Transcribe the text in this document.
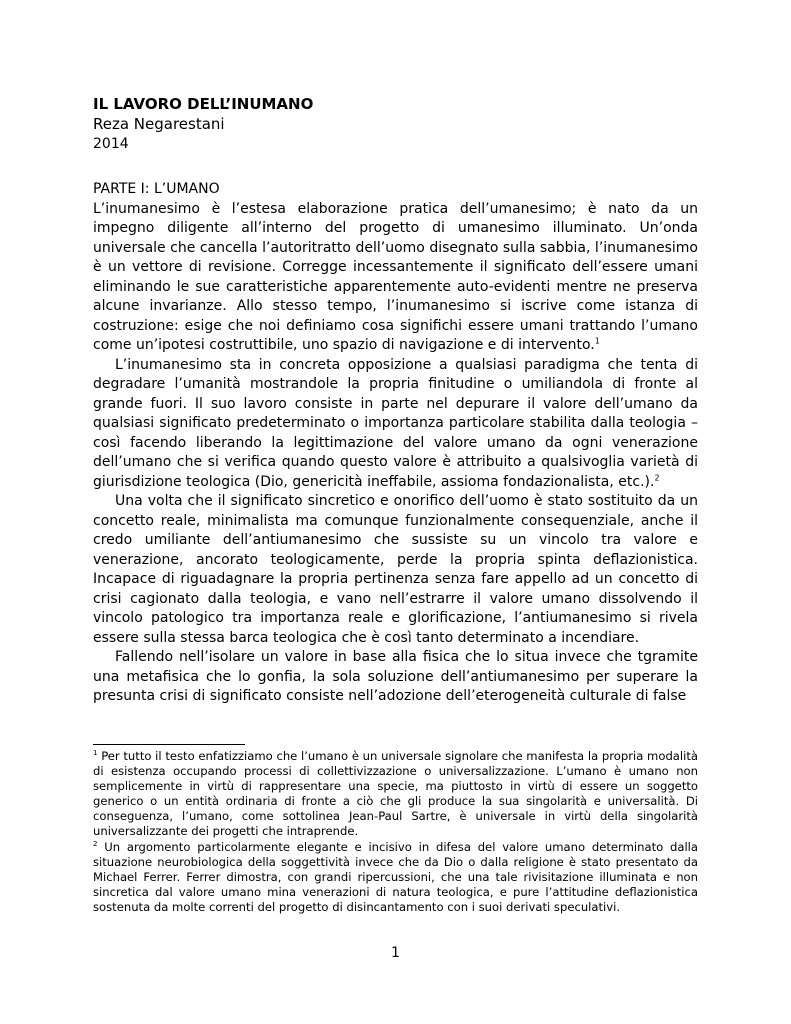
IL LAVORO DELL’INUMANO

Reza Negarestani

2014

PARTE I: L’UMANO

L’inumanesimo è l’estesa elaborazione pratica dell’umanesimo; è nato da un impegno diligente all’interno del progetto di umanesimo illuminato. Un’onda universale che cancella l’autoritratto dell’uomo disegnato sulla sabbia, l’inumanesimo è un vettore di revisione. Corregge incessantemente il significato dell’essere umani eliminando le sue caratteristiche apparentemente auto-evidenti mentre ne preserva alcune invarianze. Allo stesso tempo, l’inumanesimo si iscrive come istanza di costruzione: esige che noi definiamo cosa significhi essere umani trattando l’umano come un’ipotesi costruttibile, uno spazio di navigazione e di intervento.$^1$

L’inumanesimo sta in concreta opposizione a qualsiasi paradigma che tenta di degradare l’umanità mostrandole la propria finitudine o umiliandola di fronte al grande fuori. Il suo lavoro consiste in parte nel depurare il valore dell’umano da qualsiasi significato predeterminato o importanza particolare stabilita dalla teologia – così facendo liberando la legittimazione del valore umano da ogni venerazione dell’umano che si verifica quando questo valore è attribuito a qualsivoglia varietà di giurisdizione teologica (Dio, genericità ineffabile, assioma fondazionalista, etc.).$^2$

Una volta che il significato sincretico e onorifico dell’uomo è stato sostituito da un concetto reale, minimalista ma comunque funzionalmente consequenziale, anche il credo umiliante dell’antiumanesimo che sussiste su un vincolo tra valore e venerazione, ancorato teologicamente, perde la propria spinta deflazionistica. Incapace di riguadagnare la propria pertinenza senza fare appello ad un concetto di crisi cagionato dalla teologia, e vano nell’estrarre il valore umano dissolvendo il vincolo patologico tra importanza reale e glorificazione, l’antiumanesimo si rivela essere sulla stessa barca teologica che è così tanto determinato a incendiare.

Fallendo nell’isolare un valore in base alla fisica che lo situa invece che tgramite una metafisica che lo gonfia, la sola soluzione dell’antiumanesimo per superare la presunta crisi di significato consiste nell’adozione dell’eterogeneità culturale di false

$^1$ Per tutto il testo enfatizziamo che l’umano è un universale signolare che manifesta la propria modalità di esistenza occupando processi di collettivizzazione o universalizzazione. L’umano è umano non semplicemente in virtù di rappresentare una specie, ma piuttosto in virtù di essere un soggetto generico o un entità ordinaria di fronte a ciò che gli produce la sua singolarità e universalità. Di conseguenza, l’umano, come sottolinea Jean-Paul Sartre, è universale in virtù della singolarità universalizzante dei progetti che intraprende.

$^2$ Un argomento particolarmente elegante e incisivo in difesa del valore umano determinato dalla situazione neurobiologica della soggettività invece che da Dio o dalla religione è stato presentato da Michael Ferrer. Ferrer dimostra, con grandi ripercussioni, che una tale rivisitazione illuminata e non sincretica dal valore umano mina venerazioni di natura teologica, e pure l’attitudine deflazionistica sostenuta da molte correnti del progetto di disincantamento con i suoi derivati speculativi.

1
